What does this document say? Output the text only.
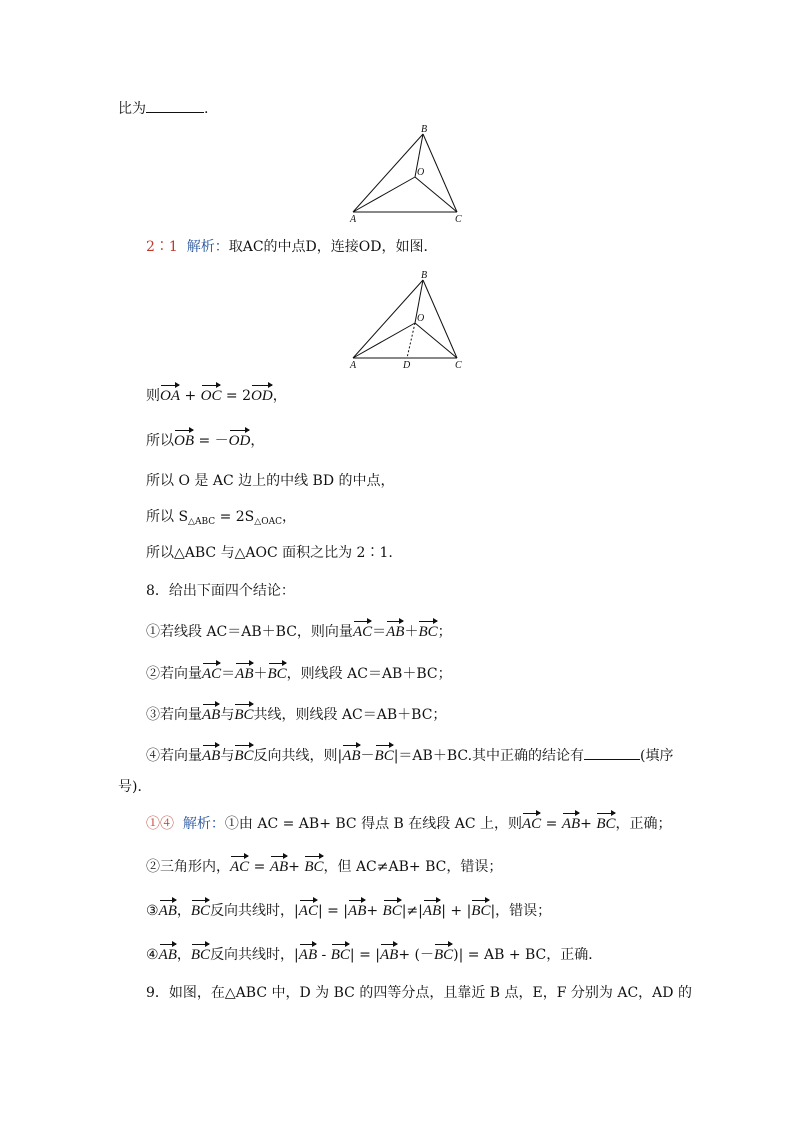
比为	.
B
O
A	C
2∶1 解析：取AC的中点D，连接OD，如图．
B
O
A	D	C
则OA + OC = 2OD，
所以OB = －OD，
所以 O 是 AC 边上的中线 BD 的中点，
所以 $S_{\triangle ABC} = 2S_{\triangle OAC}$，
所以△ABC 与△AOC 面积之比为 2∶1.
8．给出下面四个结论：
①若线段 AC＝AB＋BC，则向量AC＝AB＋BC；
②若向量AC＝AB＋BC，则线段 AC＝AB＋BC；
③若向量AB与BC共线，则线段 AC＝AB＋BC；
④若向量AB与BC反向共线，则|AB－BC|＝AB＋BC.其中正确的结论有	(填序
号)．
①④ 解析：①由 AC = AB+ BC 得点 B 在线段 AC 上，则AC = AB+ BC，正确；
②三角形内，AC = AB+ BC，但 AC≠AB+ BC，错误；
③AB，BC反向共线时，|AC| = |AB+ BC|≠|AB| + |BC|，错误；
④AB，BC反向共线时，|AB - BC| = |AB+ (－BC)| = AB + BC，正确．
9．如图，在△ABC 中，D 为 BC 的四等分点，且靠近 B 点，E，F 分别为 AC，AD 的
